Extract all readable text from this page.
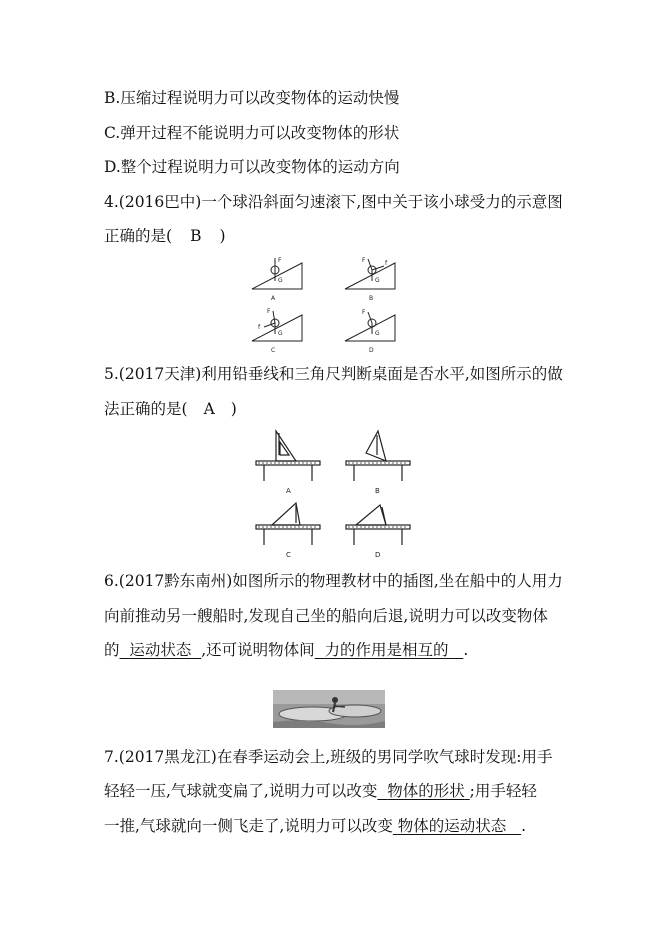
B.压缩过程说明力可以改变物体的运动快慢
C.弹开过程不能说明力可以改变物体的形状
D.整个过程说明力可以改变物体的运动方向
4.(2016巴中)一个球沿斜面匀速滚下,图中关于该小球受力的示意图
正确的是( B )
F
G
A
F	f
G
B
F
f
G
C
F
G
D
5.(2017天津)利用铅垂线和三角尺判断桌面是否水平,如图所示的做
法正确的是( A )
A	B
C	D
6.(2017黔东南州)如图所示的物理教材中的插图,坐在船中的人用力
向前推动另一艘船时,发现自己坐的船向后退,说明力可以改变物体
的 运动状态 ,还可说明物体间 力的作用是相互的 .
7.(2017黑龙江)在春季运动会上,班级的男同学吹气球时发现:用手
轻轻一压,气球就变扁了,说明力可以改变 物体的形状 ;用手轻轻
一推,气球就向一侧飞走了,说明力可以改变 物体的运动状态 .
